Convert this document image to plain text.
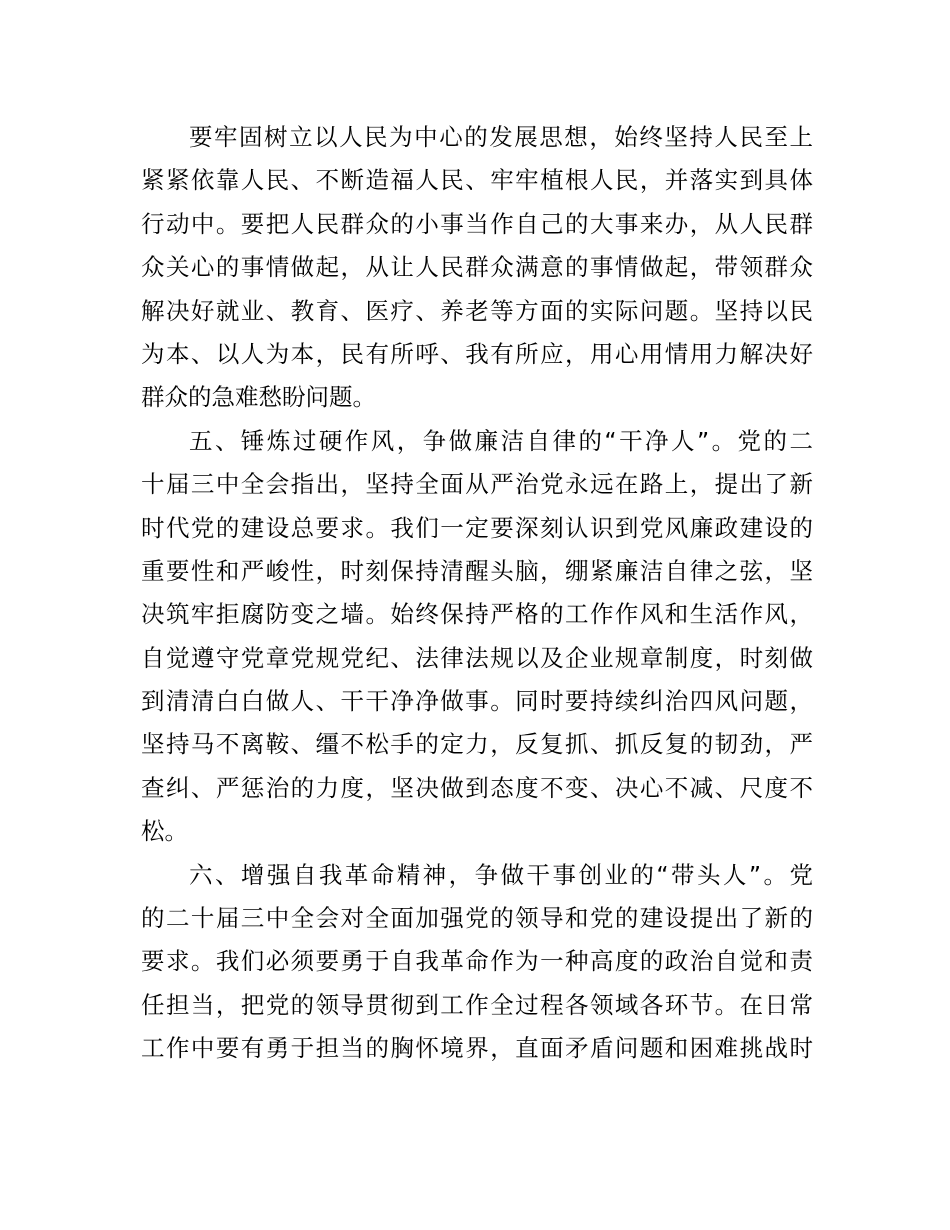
要牢固树立以人民为中心的发展思想，始终坚持人民至上
紧紧依靠人民、不断造福人民、牢牢植根人民，并落实到具体
行动中。要把人民群众的小事当作自己的大事来办，从人民群
众关心的事情做起，从让人民群众满意的事情做起，带领群众
解决好就业、教育、医疗、养老等方面的实际问题。坚持以民
为本、以人为本，民有所呼、我有所应，用心用情用力解决好
群众的急难愁盼问题。
五、锤炼过硬作风，争做廉洁自律的“干净人”。党的二
十届三中全会指出，坚持全面从严治党永远在路上，提出了新
时代党的建设总要求。我们一定要深刻认识到党风廉政建设的
重要性和严峻性，时刻保持清醒头脑，绷紧廉洁自律之弦，坚
决筑牢拒腐防变之墙。始终保持严格的工作作风和生活作风，
自觉遵守党章党规党纪、法律法规以及企业规章制度，时刻做
到清清白白做人、干干净净做事。同时要持续纠治四风问题，
坚持马不离鞍、缰不松手的定力，反复抓、抓反复的韧劲，严
查纠、严惩治的力度，坚决做到态度不变、决心不减、尺度不
松。
六、增强自我革命精神，争做干事创业的“带头人”。党
的二十届三中全会对全面加强党的领导和党的建设提出了新的
要求。我们必须要勇于自我革命作为一种高度的政治自觉和责
任担当，把党的领导贯彻到工作全过程各领域各环节。在日常
工作中要有勇于担当的胸怀境界，直面矛盾问题和困难挑战时
